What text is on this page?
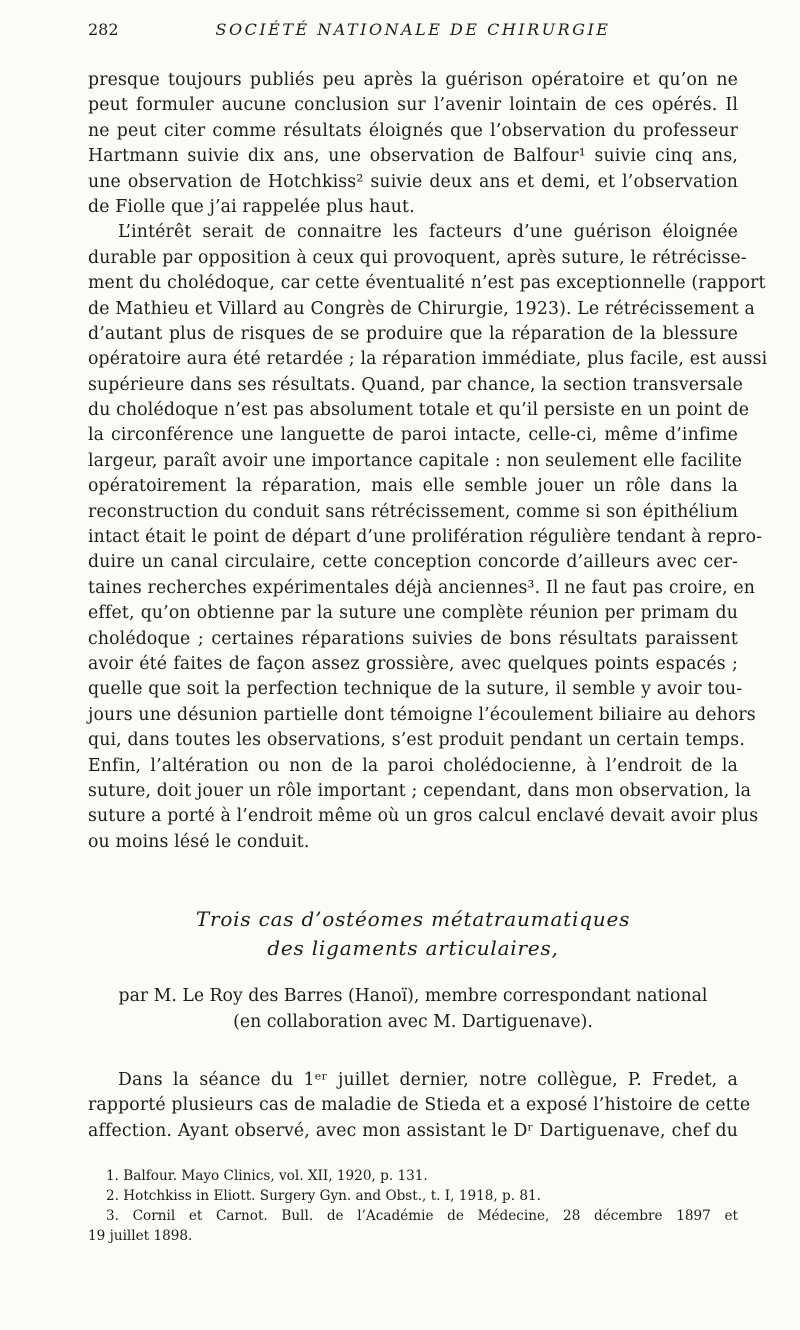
282	SOCIÉTÉ NATIONALE DE CHIRURGIE
presque toujours publiés peu après la guérison opératoire et qu’on ne
peut formuler aucune conclusion sur l’avenir lointain de ces opérés. Il
ne peut citer comme résultats éloignés que l’observation du professeur
Hartmann suivie dix ans, une observation de Balfour¹ suivie cinq ans,
une observation de Hotchkiss² suivie deux ans et demi, et l’observation
de Fiolle que j’ai rappelée plus haut.
L’intérêt serait de connaitre les facteurs d’une guérison éloignée
durable par opposition à ceux qui provoquent, après suture, le rétrécisse-
ment du cholédoque, car cette éventualité n’est pas exceptionnelle (rapport
de Mathieu et Villard au Congrès de Chirurgie, 1923). Le rétrécissement a
d’autant plus de risques de se produire que la réparation de la blessure
opératoire aura été retardée ; la réparation immédiate, plus facile, est aussi
supérieure dans ses résultats. Quand, par chance, la section transversale
du cholédoque n’est pas absolument totale et qu’il persiste en un point de
la circonférence une languette de paroi intacte, celle-ci, même d’infime
largeur, paraît avoir une importance capitale : non seulement elle facilite
opératoirement la réparation, mais elle semble jouer un rôle dans la
reconstruction du conduit sans rétrécissement, comme si son épithélium
intact était le point de départ d’une prolifération régulière tendant à repro-
duire un canal circulaire, cette conception concorde d’ailleurs avec cer-
taines recherches expérimentales déjà anciennes³. Il ne faut pas croire, en
effet, qu’on obtienne par la suture une complète réunion per primam du
cholédoque ; certaines réparations suivies de bons résultats paraissent
avoir été faites de façon assez grossière, avec quelques points espacés ;
quelle que soit la perfection technique de la suture, il semble y avoir tou-
jours une désunion partielle dont témoigne l’écoulement biliaire au dehors
qui, dans toutes les observations, s’est produit pendant un certain temps.
Enfin, l’altération ou non de la paroi cholédocienne, à l’endroit de la
suture, doit jouer un rôle important ; cependant, dans mon observation, la
suture a porté à l’endroit même où un gros calcul enclavé devait avoir plus
ou moins lésé le conduit.
Trois cas d’ostéomes métatraumatiques
des ligaments articulaires,
par M. Le Roy des Barres (Hanoï), membre correspondant national
(en collaboration avec M. Dartiguenave).
Dans la séance du 1ᵉʳ juillet dernier, notre collègue, P. Fredet, a
rapporté plusieurs cas de maladie de Stieda et a exposé l’histoire de cette
affection. Ayant observé, avec mon assistant le Dʳ Dartiguenave, chef du
1. Balfour. Mayo Clinics, vol. XII, 1920, p. 131.
2. Hotchkiss in Eliott. Surgery Gyn. and Obst., t. I, 1918, p. 81.
3. Cornil et Carnot. Bull. de l’Académie de Médecine, 28 décembre 1897 et
19 juillet 1898.
